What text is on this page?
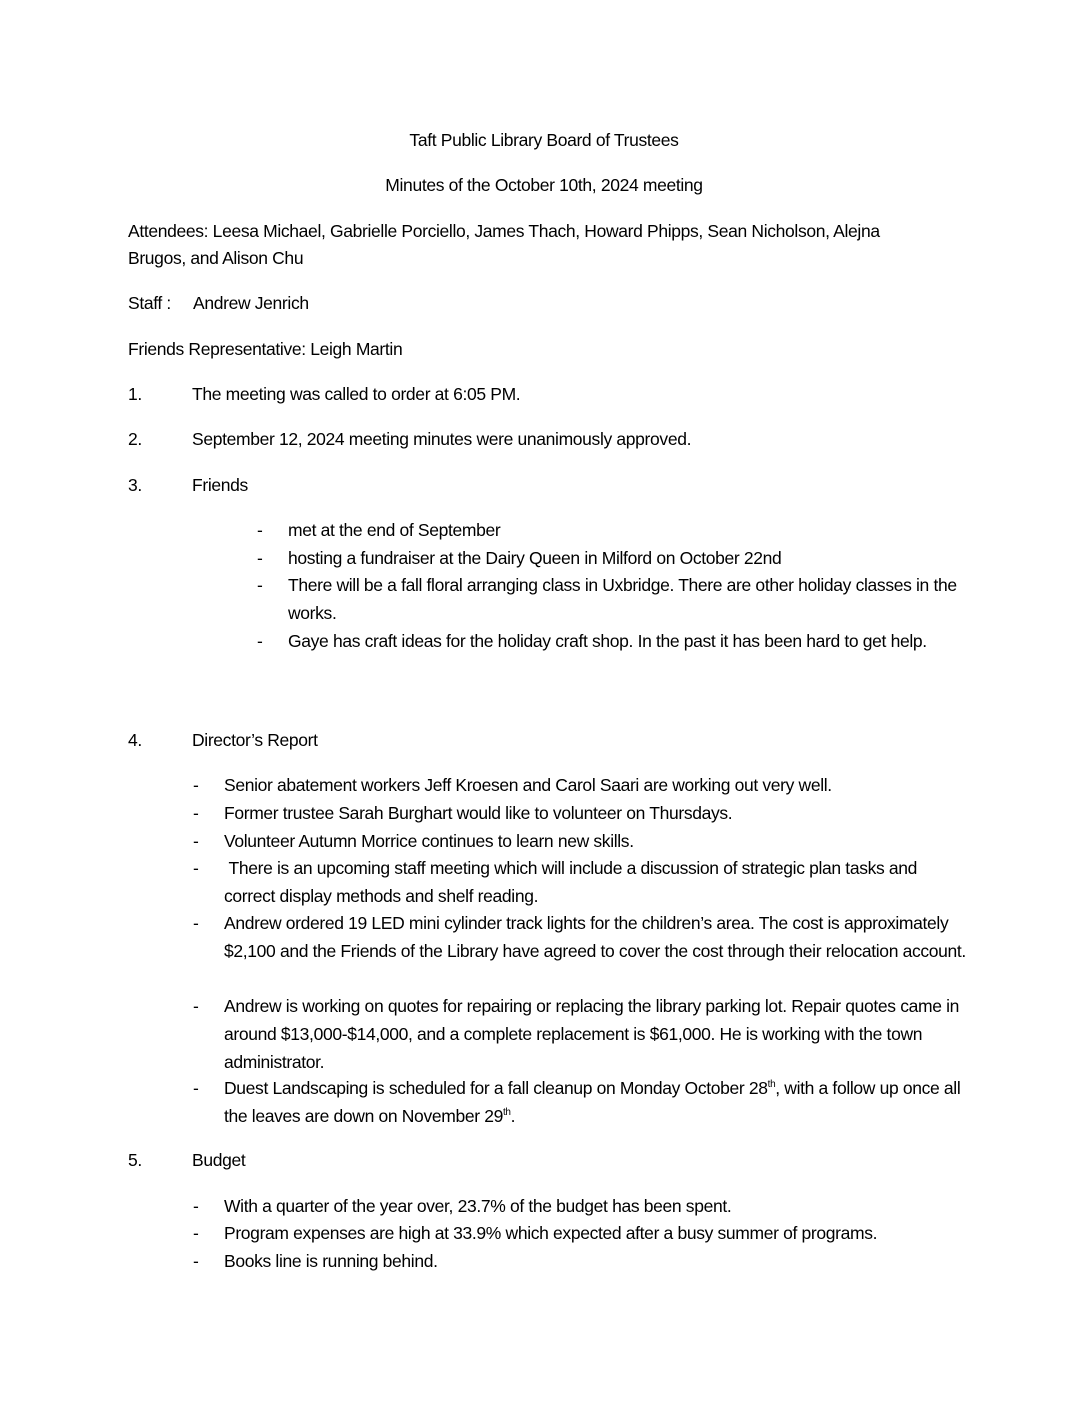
Taft Public Library Board of Trustees
Minutes of the October 10th, 2024 meeting
Attendees: Leesa Michael, Gabrielle Porciello, James Thach, Howard Phipps, Sean Nicholson, Alejna
Brugos, and Alison Chu
Staff : Andrew Jenrich
Friends Representative: Leigh Martin
1.	The meeting was called to order at 6:05 PM.
2.	September 12, 2024 meeting minutes were unanimously approved.
3.	Friends
- met at the end of September
- hosting a fundraiser at the Dairy Queen in Milford on October 22nd
- There will be a fall floral arranging class in Uxbridge. There are other holiday classes in the works.
- Gaye has craft ideas for the holiday craft shop. In the past it has been hard to get help.
4.	Director’s Report
- Senior abatement workers Jeff Kroesen and Carol Saari are working out very well.
- Former trustee Sarah Burghart would like to volunteer on Thursdays.
- Volunteer Autumn Morrice continues to learn new skills.
- There is an upcoming staff meeting which will include a discussion of strategic plan tasks and correct display methods and shelf reading.
- Andrew ordered 19 LED mini cylinder track lights for the children’s area. The cost is approximately $2,100 and the Friends of the Library have agreed to cover the cost through their relocation account.
- Andrew is working on quotes for repairing or replacing the library parking lot. Repair quotes came in around $13,000-$14,000, and a complete replacement is $61,000. He is working with the town administrator.
- Duest Landscaping is scheduled for a fall cleanup on Monday October 28th, with a follow up once all the leaves are down on November 29th.
5.	Budget
- With a quarter of the year over, 23.7% of the budget has been spent.
- Program expenses are high at 33.9% which expected after a busy summer of programs.
- Books line is running behind.
